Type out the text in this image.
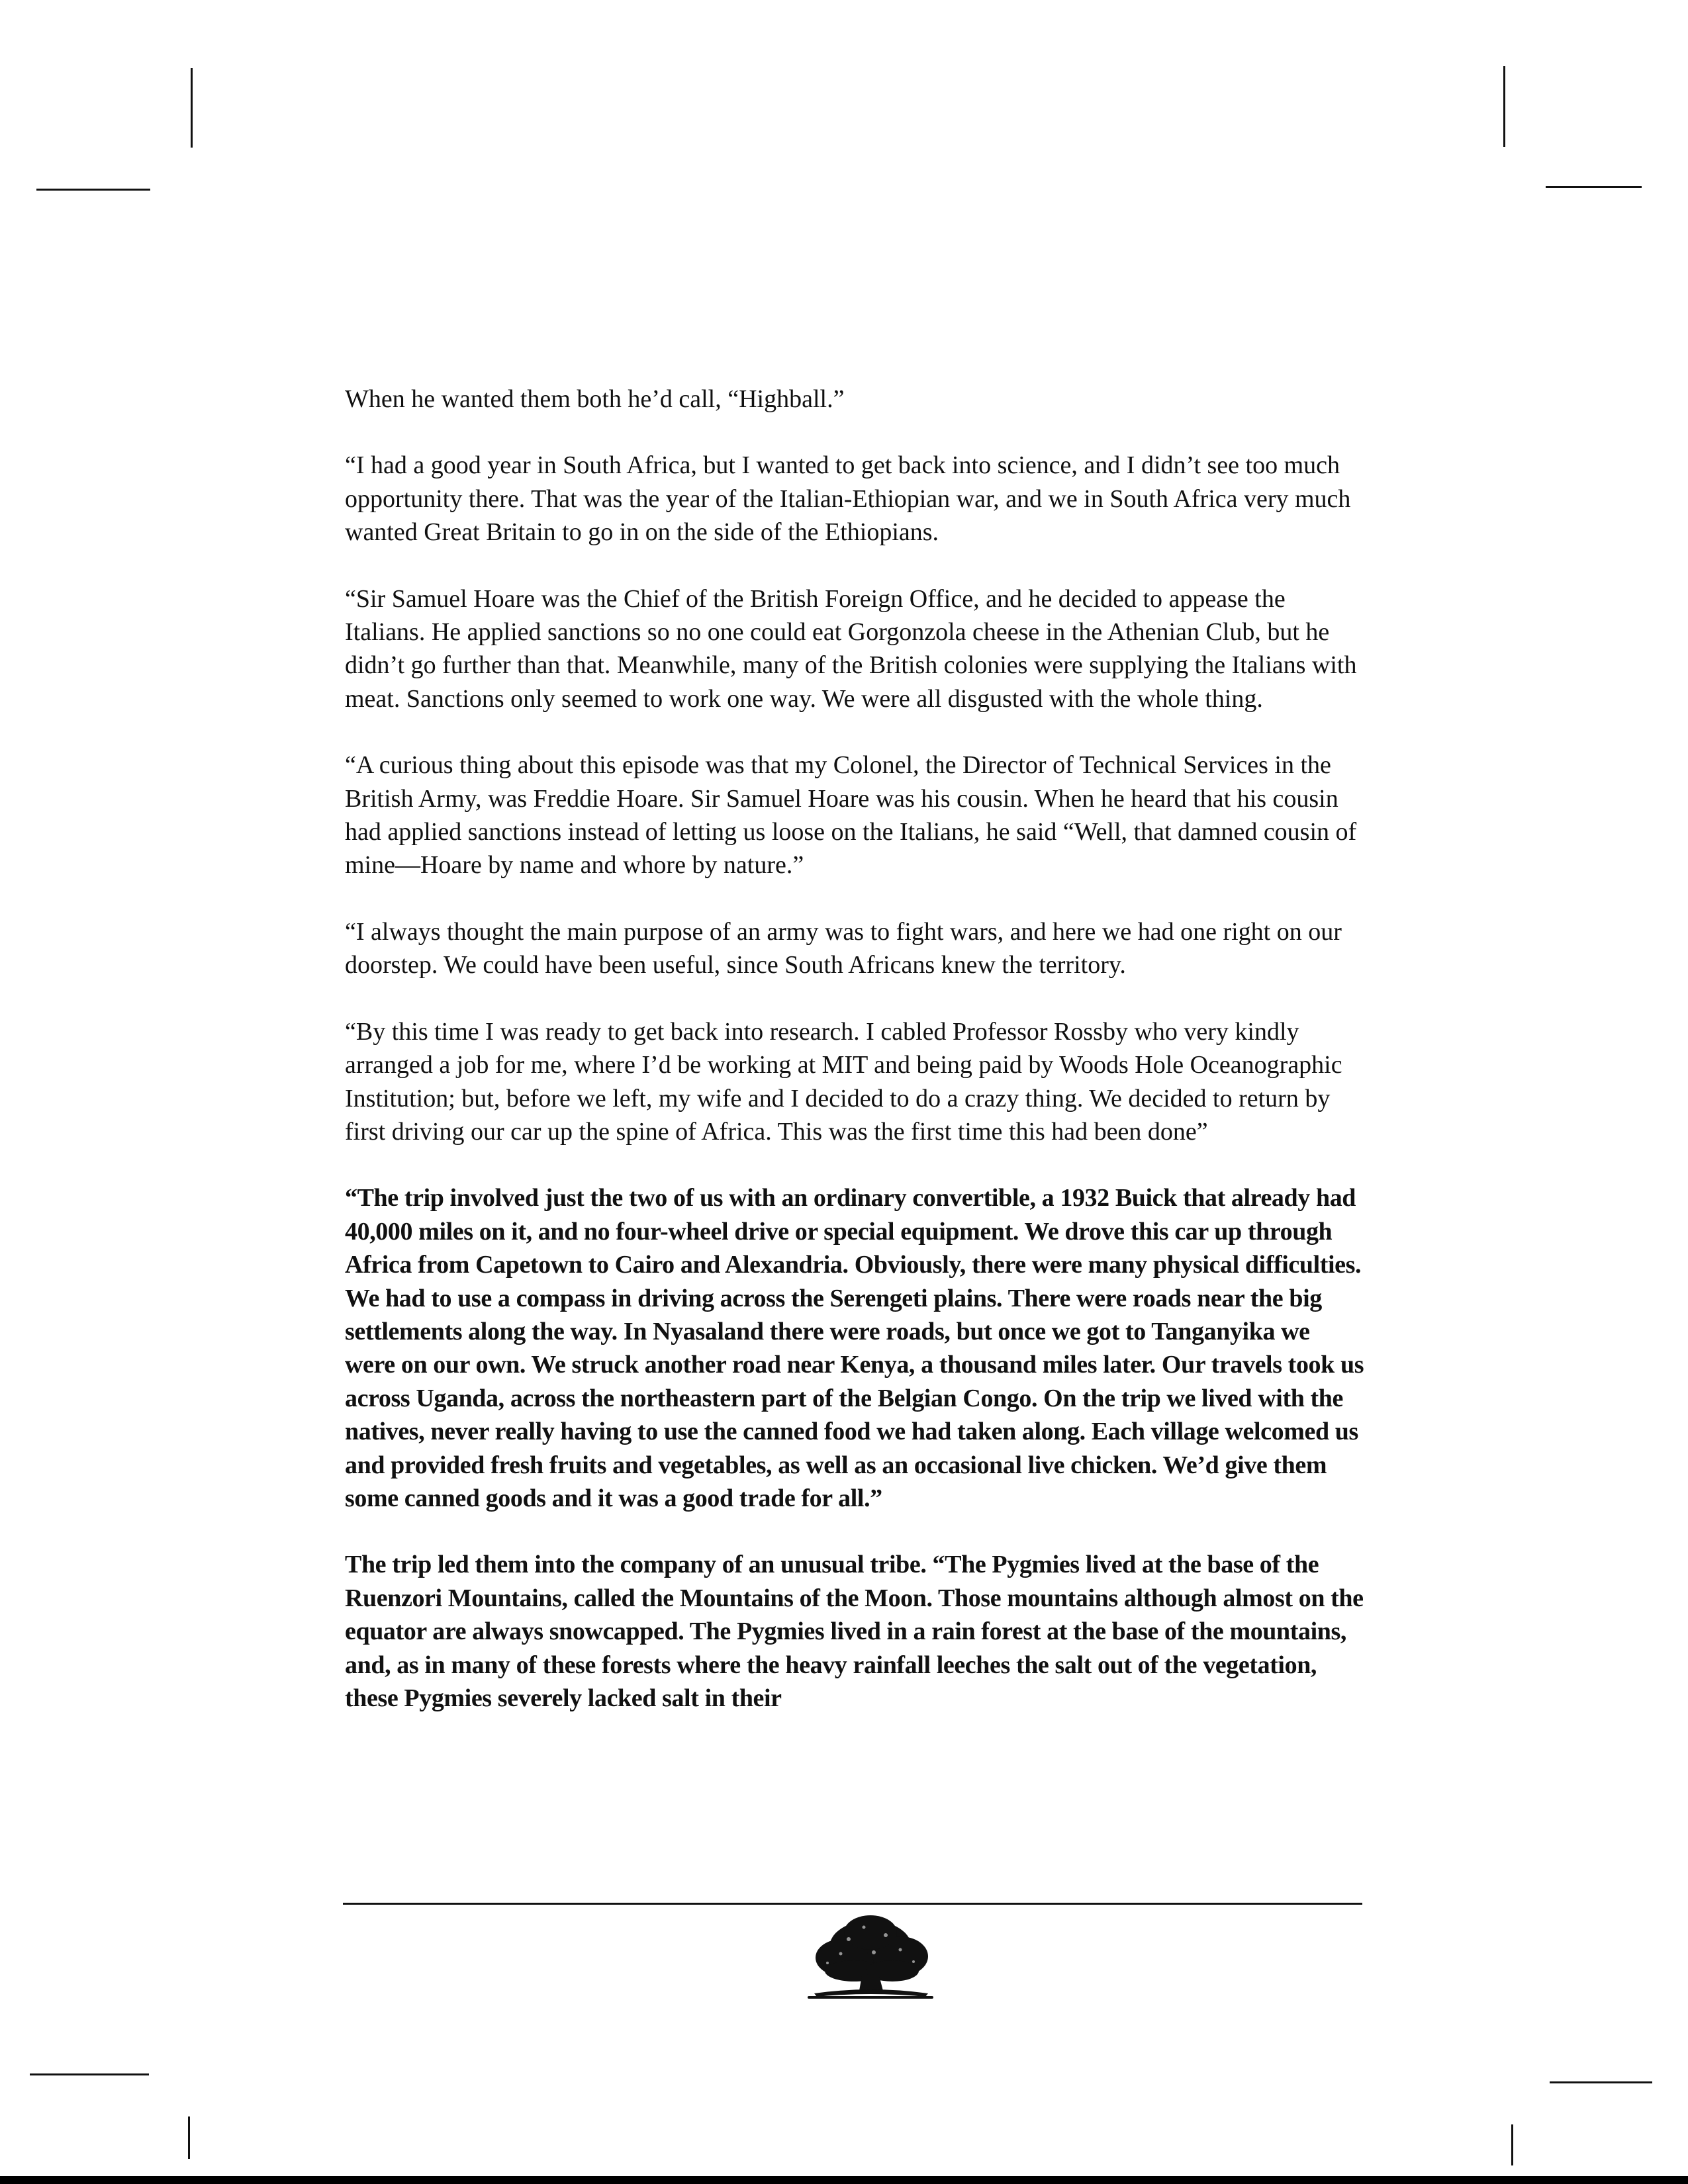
When he wanted them both he’d call, “Highball.”

“I had a good year in South Africa, but I wanted to get back into science, and I didn’t see too much opportunity there. That was the year of the Italian-Ethiopian war, and we in South Africa very much wanted Great Britain to go in on the side of the Ethiopians.

“Sir Samuel Hoare was the Chief of the British Foreign Office, and he decided to appease the Italians. He applied sanctions so no one could eat Gorgonzola cheese in the Athenian Club, but he didn’t go further than that. Meanwhile, many of the British colonies were supplying the Italians with meat. Sanctions only seemed to work one way. We were all disgusted with the whole thing.

“A curious thing about this episode was that my Colonel, the Director of Technical Services in the British Army, was Freddie Hoare. Sir Samuel Hoare was his cousin. When he heard that his cousin had applied sanctions instead of letting us loose on the Italians, he said “Well, that damned cousin of mine—Hoare by name and whore by nature.”

“I always thought the main purpose of an army was to fight wars, and here we had one right on our doorstep. We could have been useful, since South Africans knew the territory.

“By this time I was ready to get back into research. I cabled Professor Rossby who very kindly arranged a job for me, where I’d be working at MIT and being paid by Woods Hole Oceanographic Institution; but, before we left, my wife and I decided to do a crazy thing. We decided to return by first driving our car up the spine of Africa. This was the first time this had been done”

“The trip involved just the two of us with an ordinary convertible, a 1932 Buick that already had 40,000 miles on it, and no four-wheel drive or special equipment. We drove this car up through Africa from Capetown to Cairo and Alexandria. Obviously, there were many physical difficulties. We had to use a compass in driving across the Serengeti plains. There were roads near the big settlements along the way. In Nyasaland there were roads, but once we got to Tanganyika we were on our own. We struck another road near Kenya, a thousand miles later. Our travels took us across Uganda, across the northeastern part of the Belgian Congo. On the trip we lived with the natives, never really having to use the canned food we had taken along. Each village welcomed us and provided fresh fruits and vegetables, as well as an occasional live chicken. We’d give them some canned goods and it was a good trade for all.”

The trip led them into the company of an unusual tribe. “The Pygmies lived at the base of the Ruenzori Mountains, called the Mountains of the Moon. Those mountains although almost on the equator are always snowcapped. The Pygmies lived in a rain forest at the base of the mountains, and, as in many of these forests where the heavy rainfall leeches the salt out of the vegetation, these Pygmies severely lacked salt in their
